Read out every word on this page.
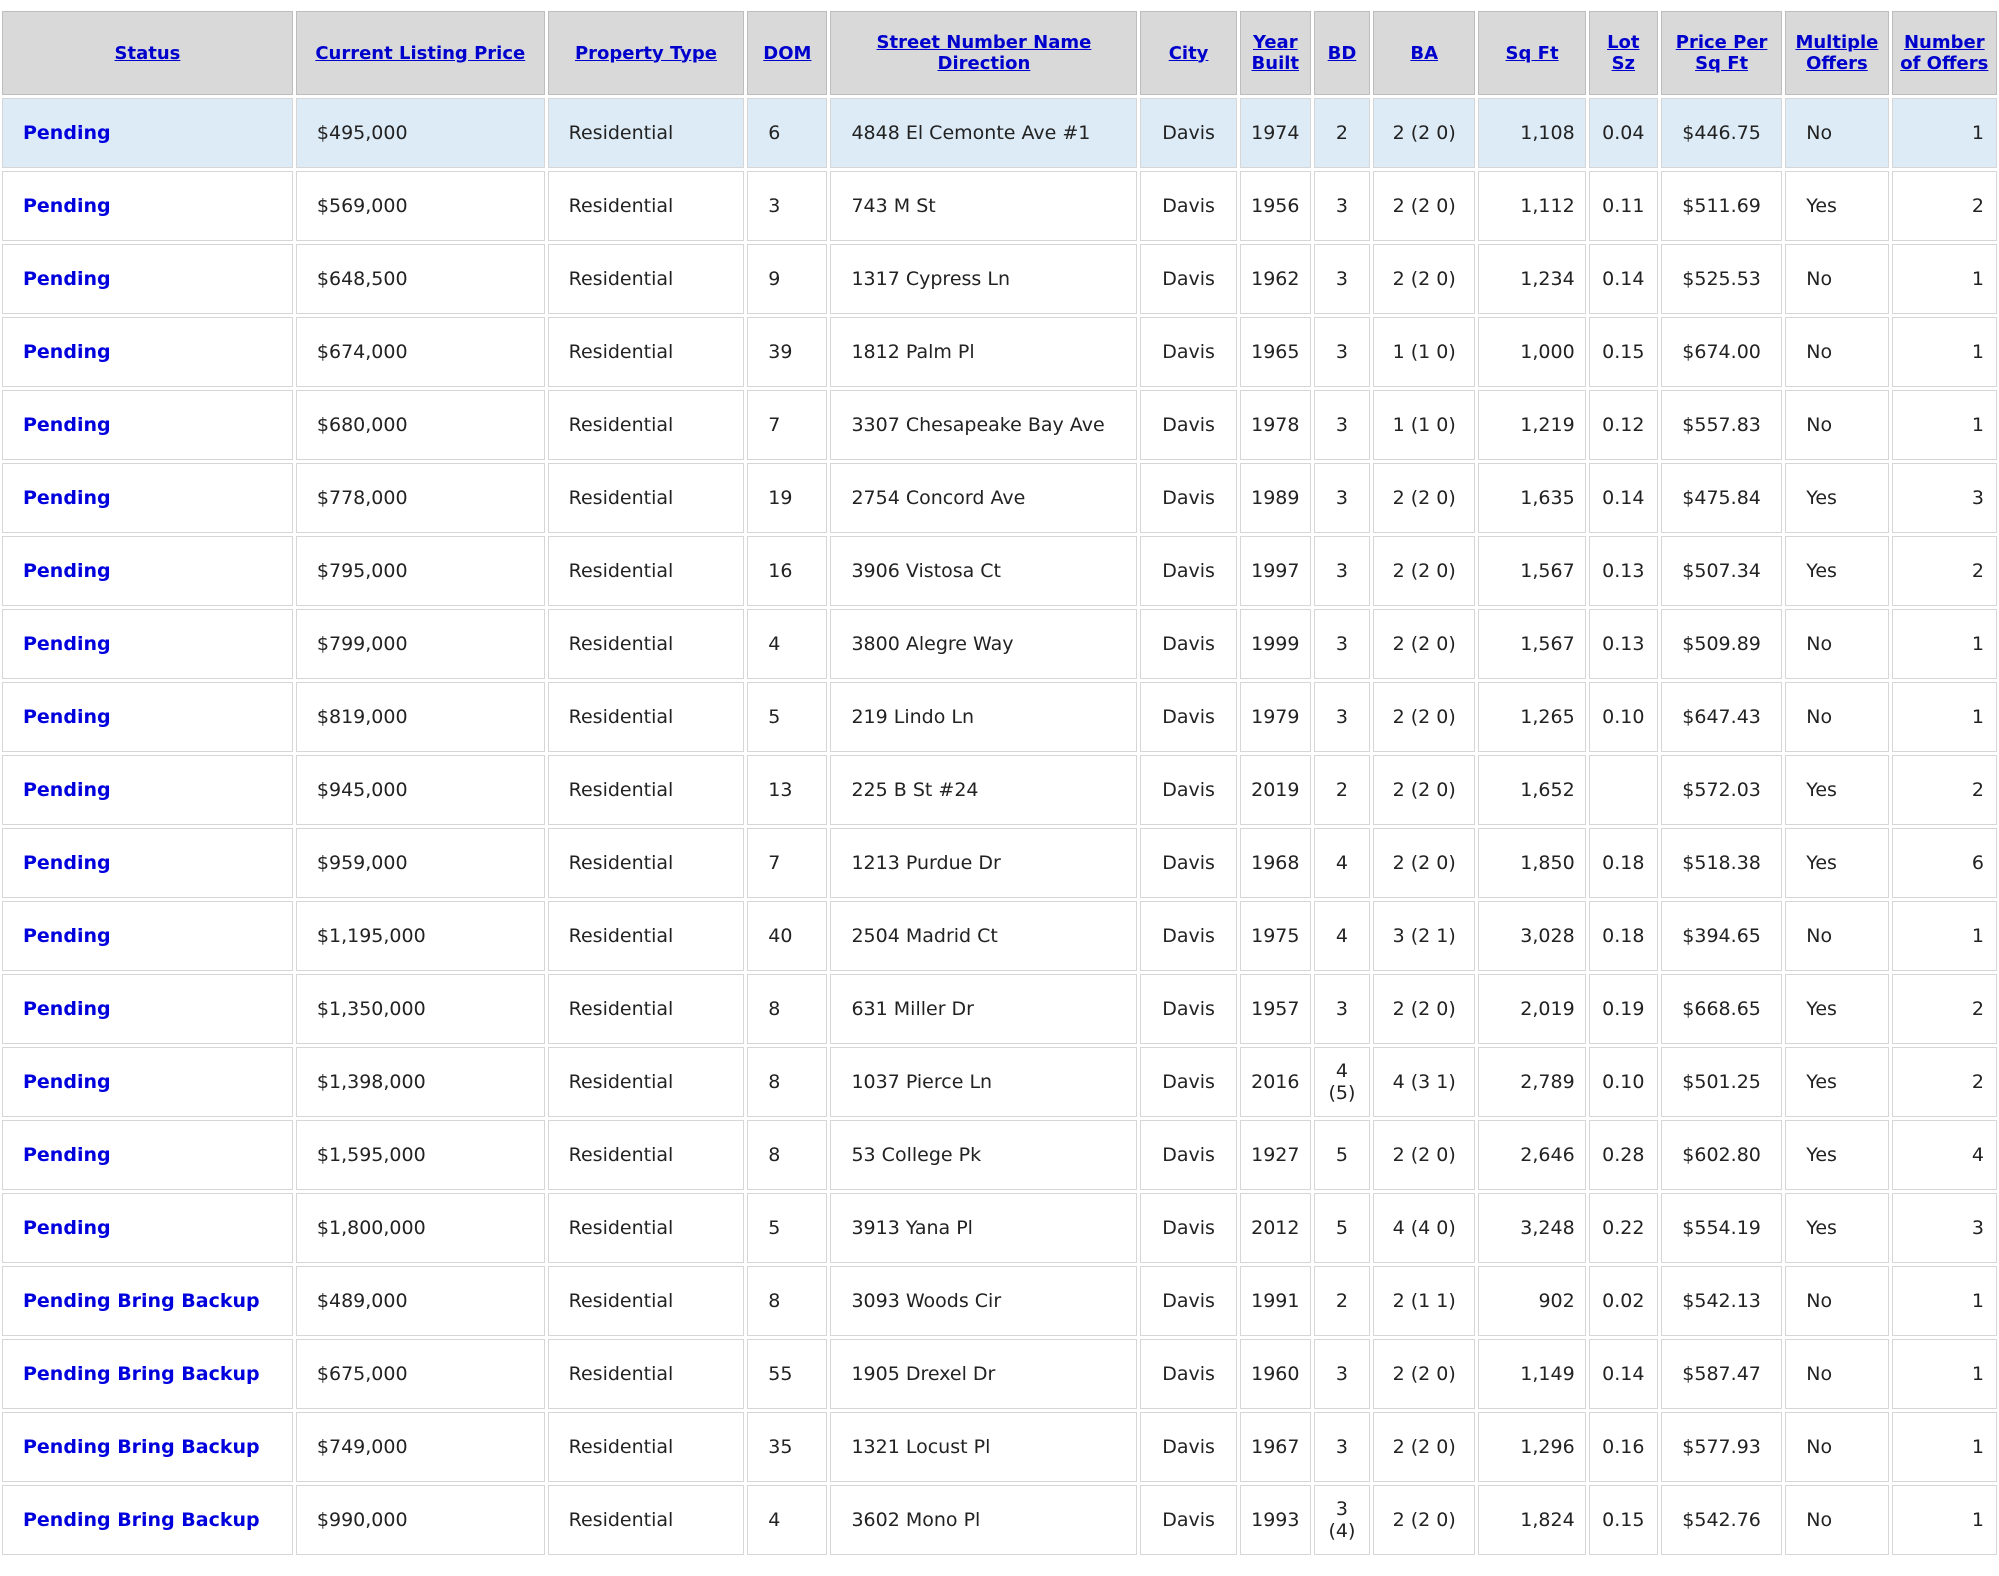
Status	Current Listing Price	Property Type	DOM	Street Number Name Direction	City	Year Built	BD	BA	Sq Ft	Lot Sz	Price Per Sq Ft	Multiple Offers	Number of Offers
Pending	$495,000	Residential	6	4848 El Cemonte Ave #1	Davis	1974	2	2 (2 0)	1,108	0.04	$446.75	No	1
Pending	$569,000	Residential	3	743 M St	Davis	1956	3	2 (2 0)	1,112	0.11	$511.69	Yes	2
Pending	$648,500	Residential	9	1317 Cypress Ln	Davis	1962	3	2 (2 0)	1,234	0.14	$525.53	No	1
Pending	$674,000	Residential	39	1812 Palm Pl	Davis	1965	3	1 (1 0)	1,000	0.15	$674.00	No	1
Pending	$680,000	Residential	7	3307 Chesapeake Bay Ave	Davis	1978	3	1 (1 0)	1,219	0.12	$557.83	No	1
Pending	$778,000	Residential	19	2754 Concord Ave	Davis	1989	3	2 (2 0)	1,635	0.14	$475.84	Yes	3
Pending	$795,000	Residential	16	3906 Vistosa Ct	Davis	1997	3	2 (2 0)	1,567	0.13	$507.34	Yes	2
Pending	$799,000	Residential	4	3800 Alegre Way	Davis	1999	3	2 (2 0)	1,567	0.13	$509.89	No	1
Pending	$819,000	Residential	5	219 Lindo Ln	Davis	1979	3	2 (2 0)	1,265	0.10	$647.43	No	1
Pending	$945,000	Residential	13	225 B St #24	Davis	2019	2	2 (2 0)	1,652		$572.03	Yes	2
Pending	$959,000	Residential	7	1213 Purdue Dr	Davis	1968	4	2 (2 0)	1,850	0.18	$518.38	Yes	6
Pending	$1,195,000	Residential	40	2504 Madrid Ct	Davis	1975	4	3 (2 1)	3,028	0.18	$394.65	No	1
Pending	$1,350,000	Residential	8	631 Miller Dr	Davis	1957	3	2 (2 0)	2,019	0.19	$668.65	Yes	2
Pending	$1,398,000	Residential	8	1037 Pierce Ln	Davis	2016	4 (5)	4 (3 1)	2,789	0.10	$501.25	Yes	2
Pending	$1,595,000	Residential	8	53 College Pk	Davis	1927	5	2 (2 0)	2,646	0.28	$602.80	Yes	4
Pending	$1,800,000	Residential	5	3913 Yana Pl	Davis	2012	5	4 (4 0)	3,248	0.22	$554.19	Yes	3
Pending Bring Backup	$489,000	Residential	8	3093 Woods Cir	Davis	1991	2	2 (1 1)	902	0.02	$542.13	No	1
Pending Bring Backup	$675,000	Residential	55	1905 Drexel Dr	Davis	1960	3	2 (2 0)	1,149	0.14	$587.47	No	1
Pending Bring Backup	$749,000	Residential	35	1321 Locust Pl	Davis	1967	3	2 (2 0)	1,296	0.16	$577.93	No	1
Pending Bring Backup	$990,000	Residential	4	3602 Mono Pl	Davis	1993	3 (4)	2 (2 0)	1,824	0.15	$542.76	No	1
